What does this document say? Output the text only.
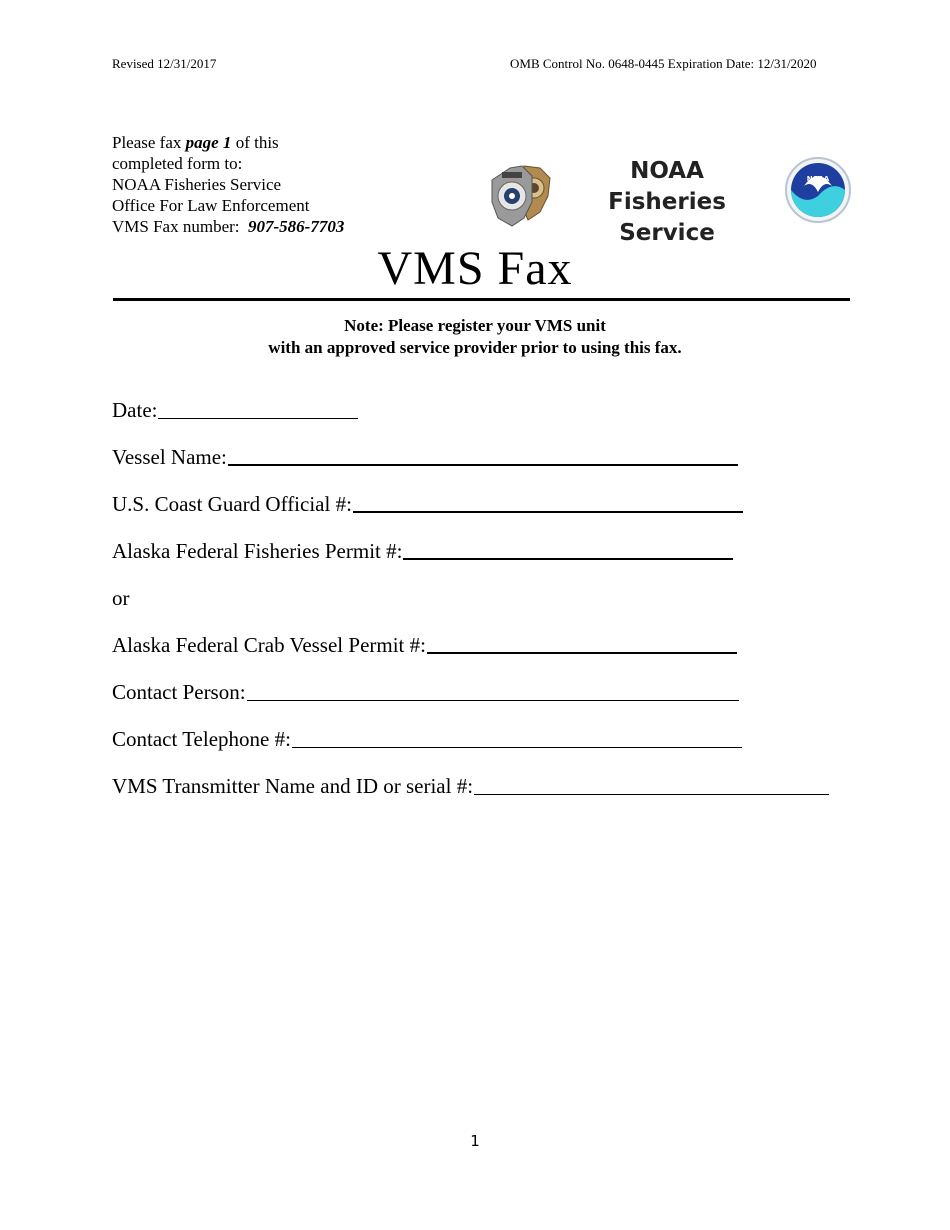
Revised 12/31/2017	OMB Control No. 0648-0445 Expiration Date: 12/31/2020
Please fax page 1 of this
completed form to:
NOAA Fisheries Service
Office For Law Enforcement
VMS Fax number: 907-586-7703
NOAA
Fisheries Service
NOAA
VMS Fax
Note: Please register your VMS unit
with an approved service provider prior to using this fax.
Date:
Vessel Name:
U.S. Coast Guard Official #:
Alaska Federal Fisheries Permit #:
or
Alaska Federal Crab Vessel Permit #:
Contact Person:
Contact Telephone #:
VMS Transmitter Name and ID or serial #:
1
